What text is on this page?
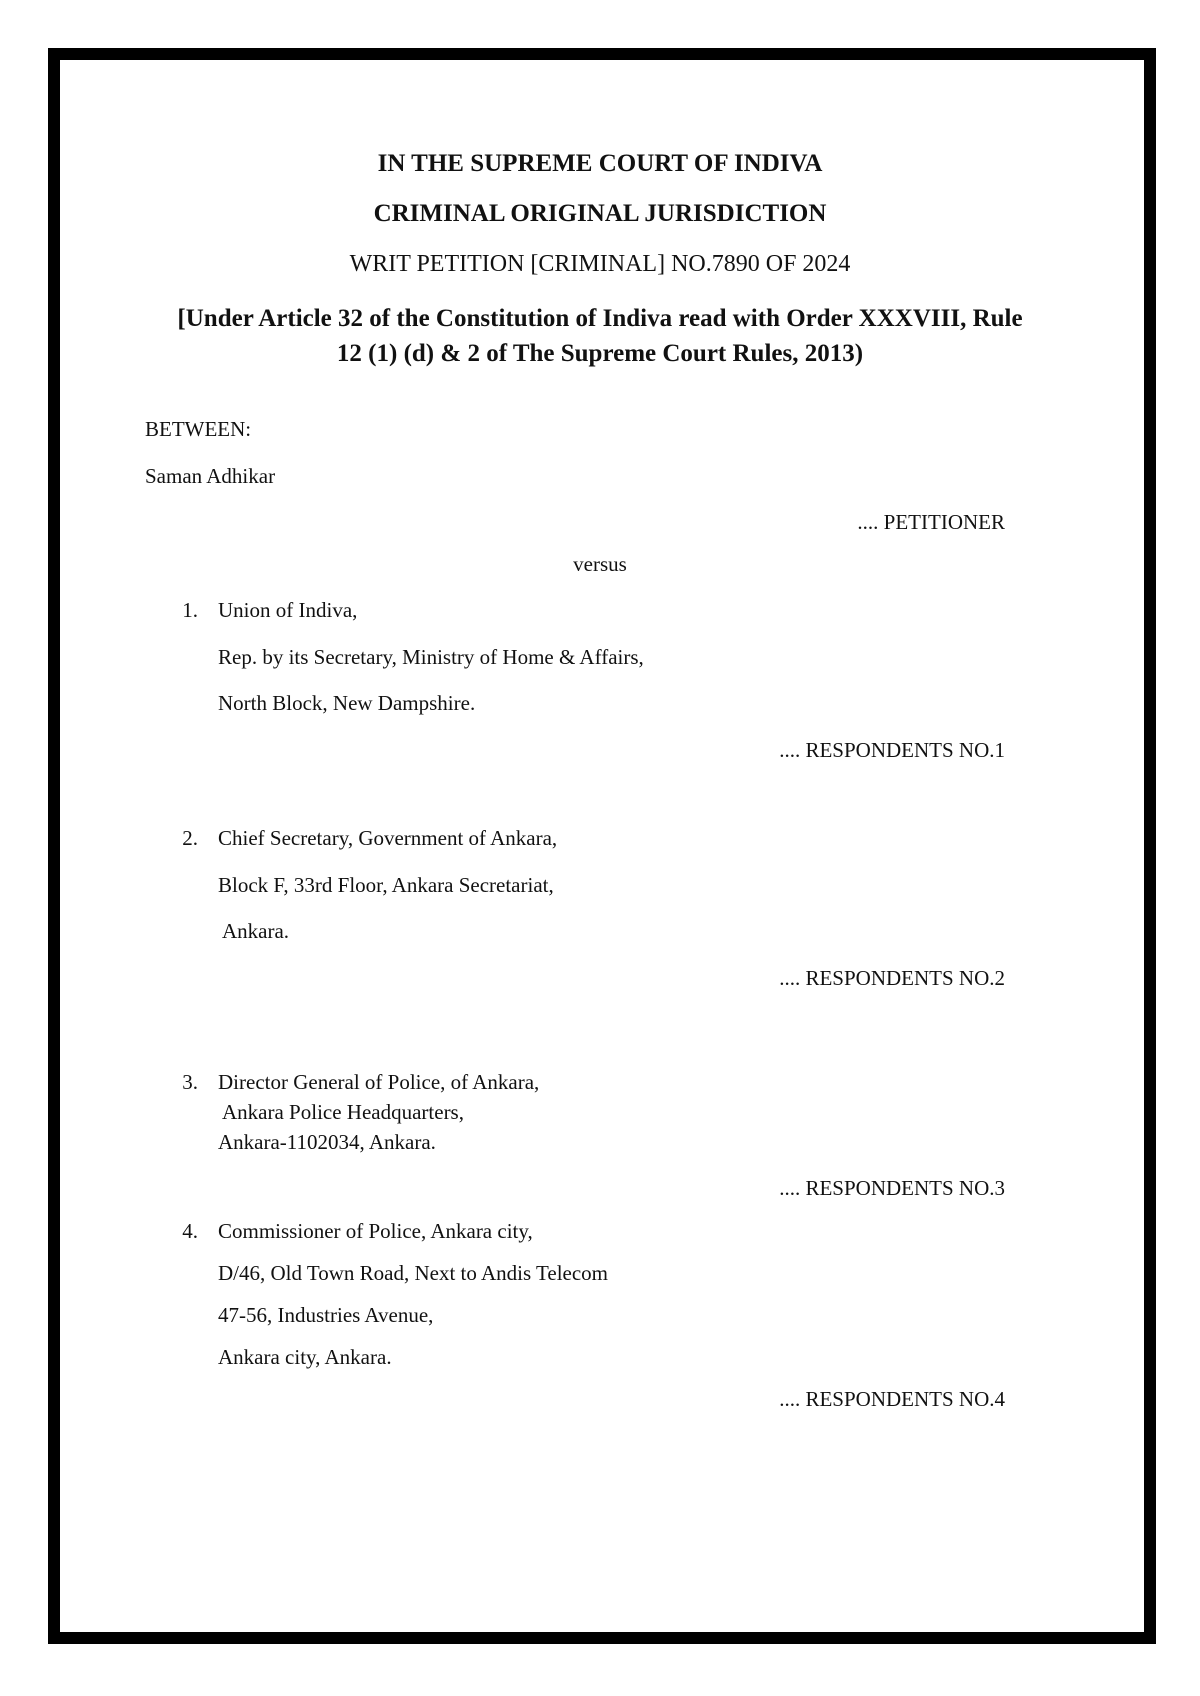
IN THE SUPREME COURT OF INDIVA
CRIMINAL ORIGINAL JURISDICTION
WRIT PETITION [CRIMINAL] NO.7890 OF 2024
[Under Article 32 of the Constitution of Indiva read with Order XXXVIII, Rule
12 (1) (d) & 2 of The Supreme Court Rules, 2013)
BETWEEN:
Saman Adhikar
.... PETITIONER
versus
1. Union of Indiva,
Rep. by its Secretary, Ministry of Home & Affairs,
North Block, New Dampshire.
.... RESPONDENTS NO.1
2. Chief Secretary, Government of Ankara,
Block F, 33rd Floor, Ankara Secretariat,
Ankara.
.... RESPONDENTS NO.2
3. Director General of Police, of Ankara,
Ankara Police Headquarters,
Ankara-1102034, Ankara.
.... RESPONDENTS NO.3
4. Commissioner of Police, Ankara city,
D/46, Old Town Road, Next to Andis Telecom
47-56, Industries Avenue,
Ankara city, Ankara.
.... RESPONDENTS NO.4
